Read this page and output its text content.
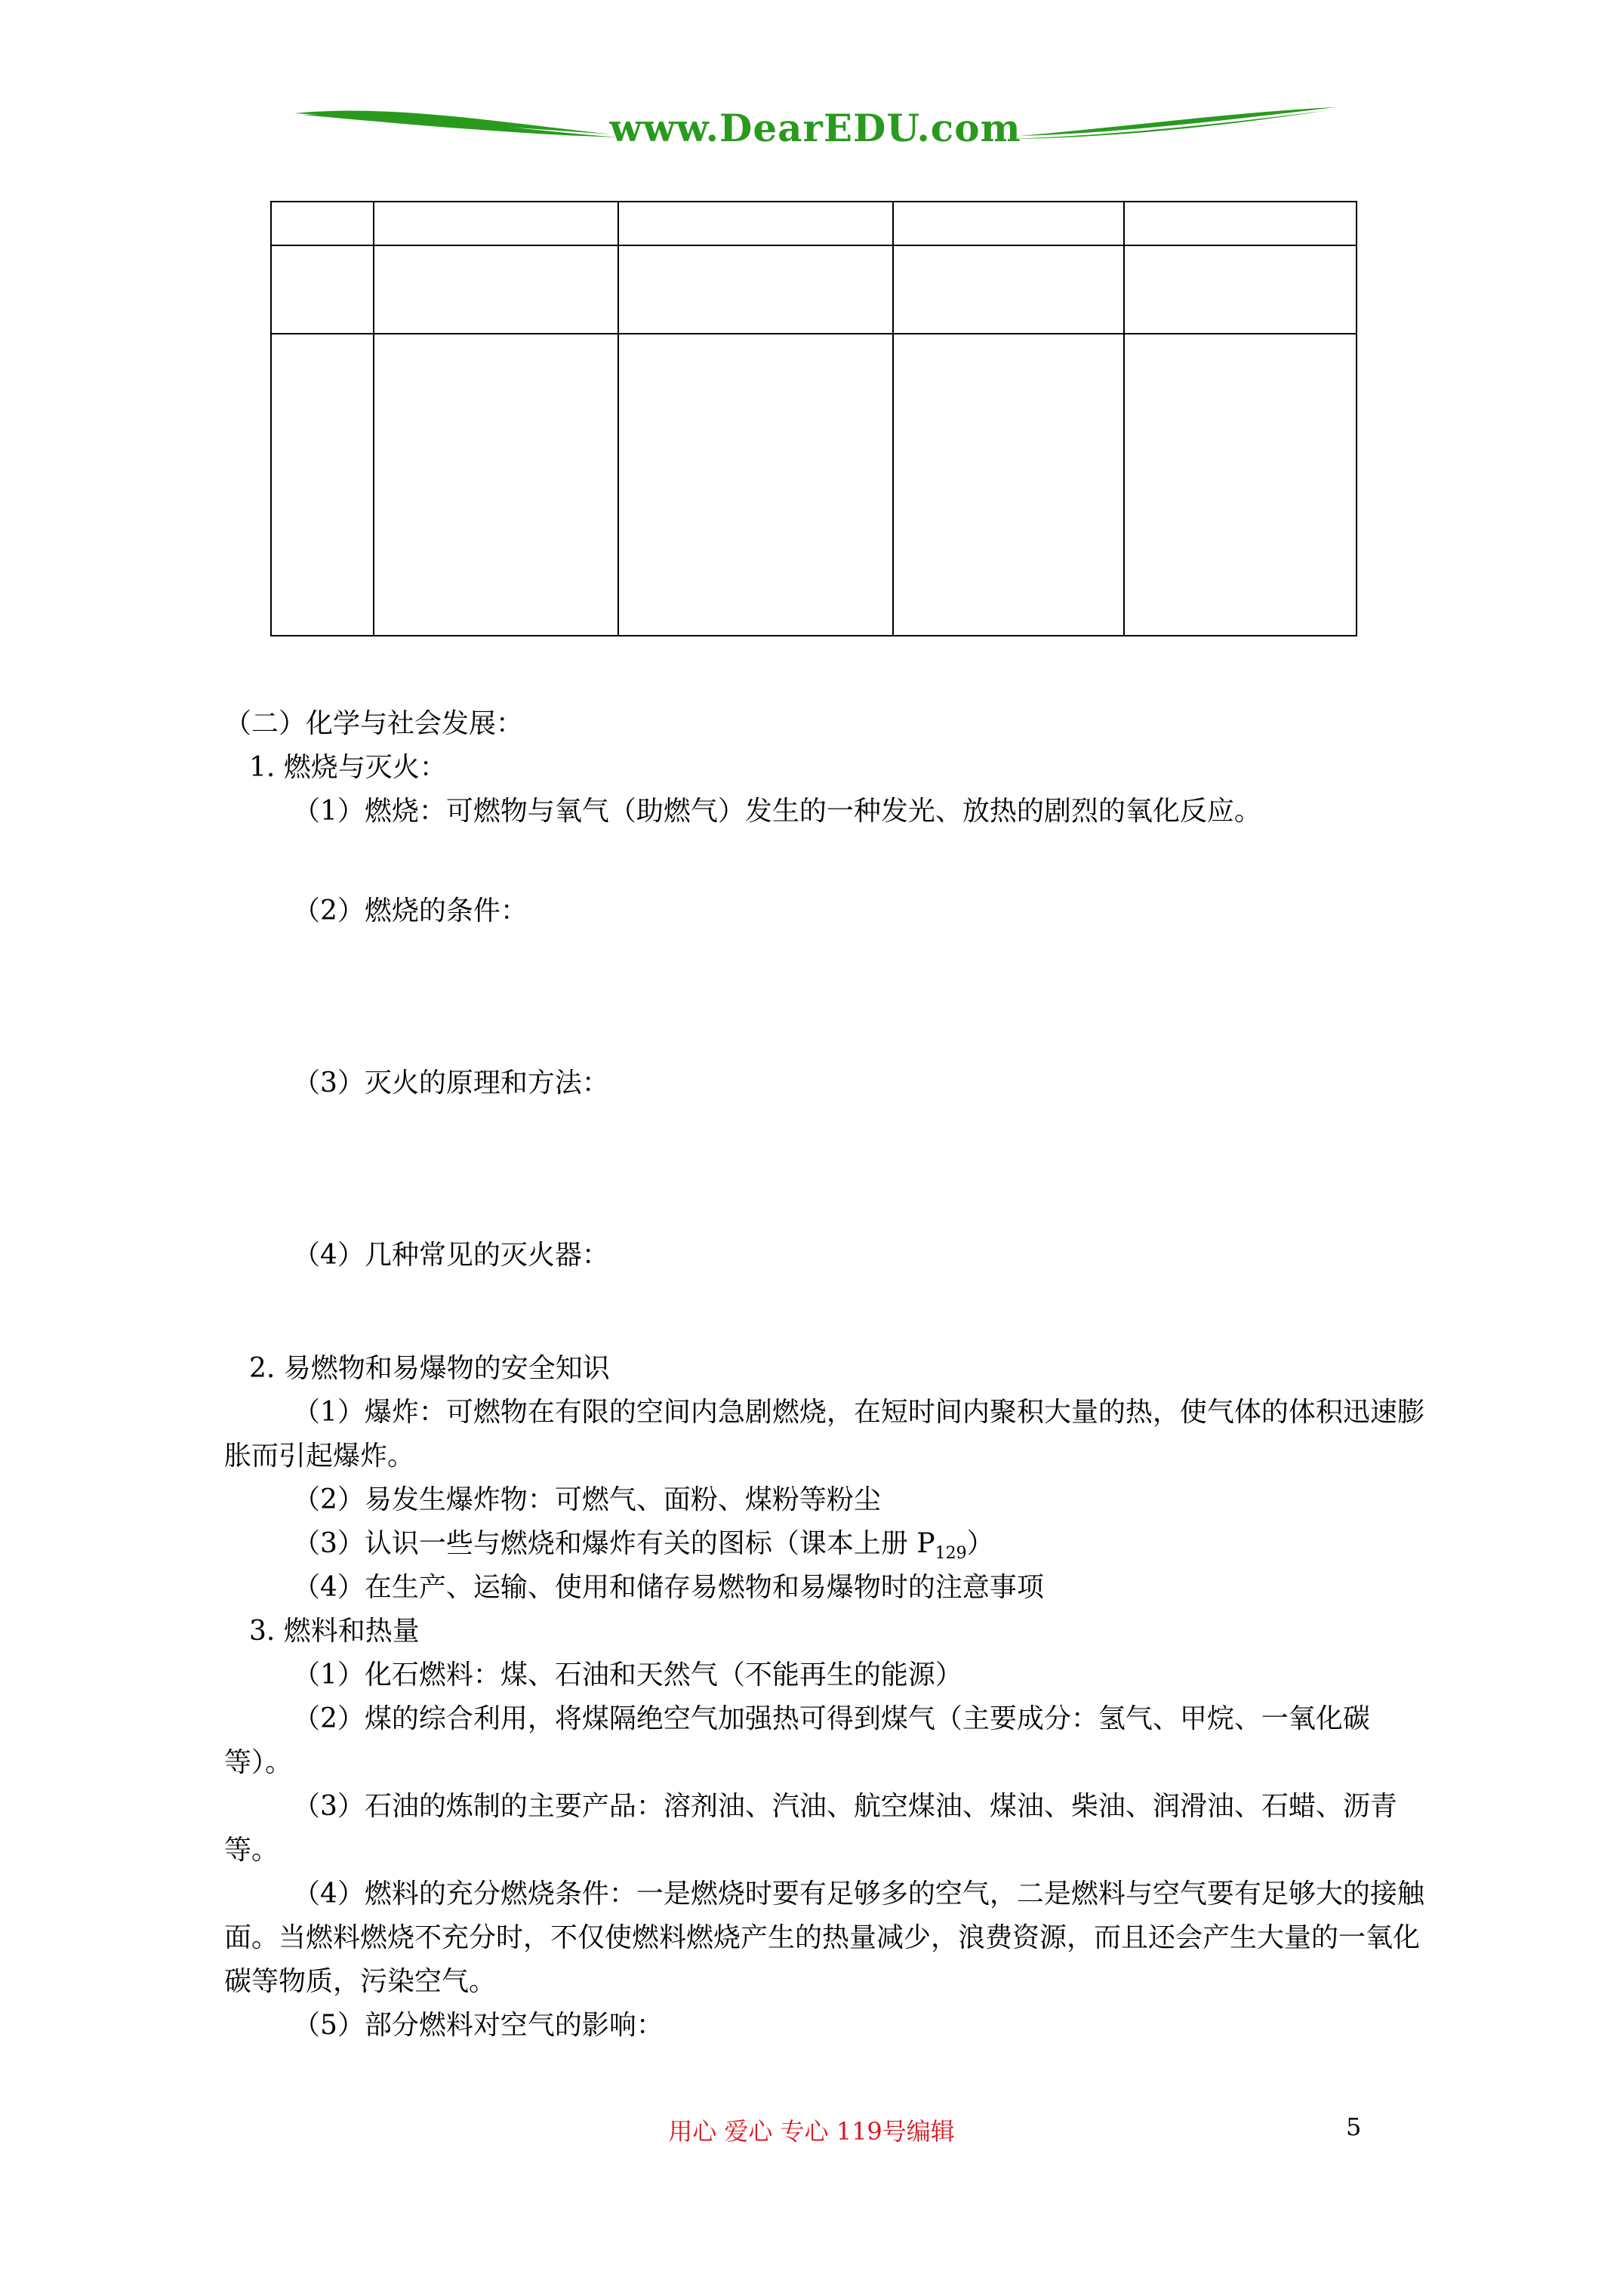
www.DearEDU.com

（二）化学与社会发展：
1. 燃烧与灭火：
（1）燃烧：可燃物与氧气（助燃气）发生的一种发光、放热的剧烈的氧化反应。
（2）燃烧的条件：
（3）灭火的原理和方法：
（4）几种常见的灭火器：
2. 易燃物和易爆物的安全知识
（1）爆炸：可燃物在有限的空间内急剧燃烧，在短时间内聚积大量的热，使气体的体积迅速膨胀而引起爆炸。
（2）易发生爆炸物：可燃气、面粉、煤粉等粉尘
（3）认识一些与燃烧和爆炸有关的图标（课本上册 $P_{129}$）
（4）在生产、运输、使用和储存易燃物和易爆物时的注意事项
3. 燃料和热量
（1）化石燃料：煤、石油和天然气（不能再生的能源）
（2）煤的综合利用，将煤隔绝空气加强热可得到煤气（主要成分：氢气、甲烷、一氧化碳等）。
（3）石油的炼制的主要产品：溶剂油、汽油、航空煤油、煤油、柴油、润滑油、石蜡、沥青等。
（4）燃料的充分燃烧条件：一是燃烧时要有足够多的空气，二是燃料与空气要有足够大的接触面。当燃料燃烧不充分时，不仅使燃料燃烧产生的热量减少，浪费资源，而且还会产生大量的一氧化碳等物质，污染空气。
（5）部分燃料对空气的影响：
用心 爱心 专心 119号编辑	5
